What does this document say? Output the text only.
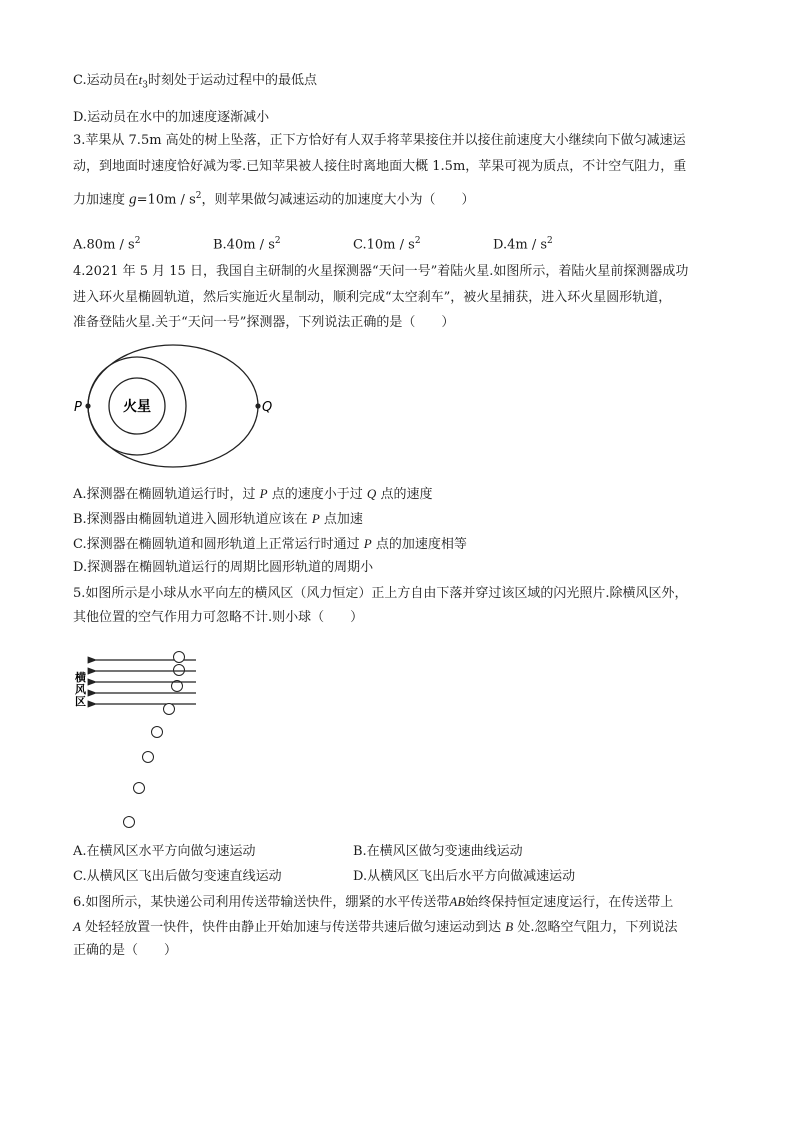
C.运动员在$t_3$时刻处于运动过程中的最低点
D.运动员在水中的加速度逐渐减小
3.苹果从 7.5m 高处的树上坠落，正下方恰好有人双手将苹果接住并以接住前速度大小继续向下做匀减速运
动，到地面时速度恰好减为零.已知苹果被人接住时离地面大概 1.5m，苹果可视为质点，不计空气阻力，重
力加速度 $g=10m / s^2$，则苹果做匀减速运动的加速度大小为（　　）
$A.80m / s^2$	$B.40m / s^2$	$C.10m / s^2$	$D.4m / s^2$
4.2021 年 5 月 15 日，我国自主研制的火星探测器“天问一号”着陆火星.如图所示，着陆火星前探测器成功
进入环火星椭圆轨道，然后实施近火星制动，顺利完成“太空刹车”，被火星捕获，进入环火星圆形轨道，
准备登陆火星.关于“天问一号”探测器，下列说法正确的是（　　）
火星
P	Q
A.探测器在椭圆轨道运行时，过 P 点的速度小于过 Q 点的速度
B.探测器由椭圆轨道进入圆形轨道应该在 P 点加速
C.探测器在椭圆轨道和圆形轨道上正常运行时通过 P 点的加速度相等
D.探测器在椭圆轨道运行的周期比圆形轨道的周期小
5.如图所示是小球从水平向左的横风区（风力恒定）正上方自由下落并穿过该区域的闪光照片.除横风区外，
其他位置的空气作用力可忽略不计.则小球（　　）
横
风
区
A.在横风区水平方向做匀速运动	B.在横风区做匀变速曲线运动
C.从横风区飞出后做匀变速直线运动	D.从横风区飞出后水平方向做减速运动
6.如图所示，某快递公司利用传送带输送快件，绷紧的水平传送带AB始终保持恒定速度运行，在传送带上
A 处轻轻放置一快件，快件由静止开始加速与传送带共速后做匀速运动到达 B 处.忽略空气阻力，下列说法
正确的是（　　）
